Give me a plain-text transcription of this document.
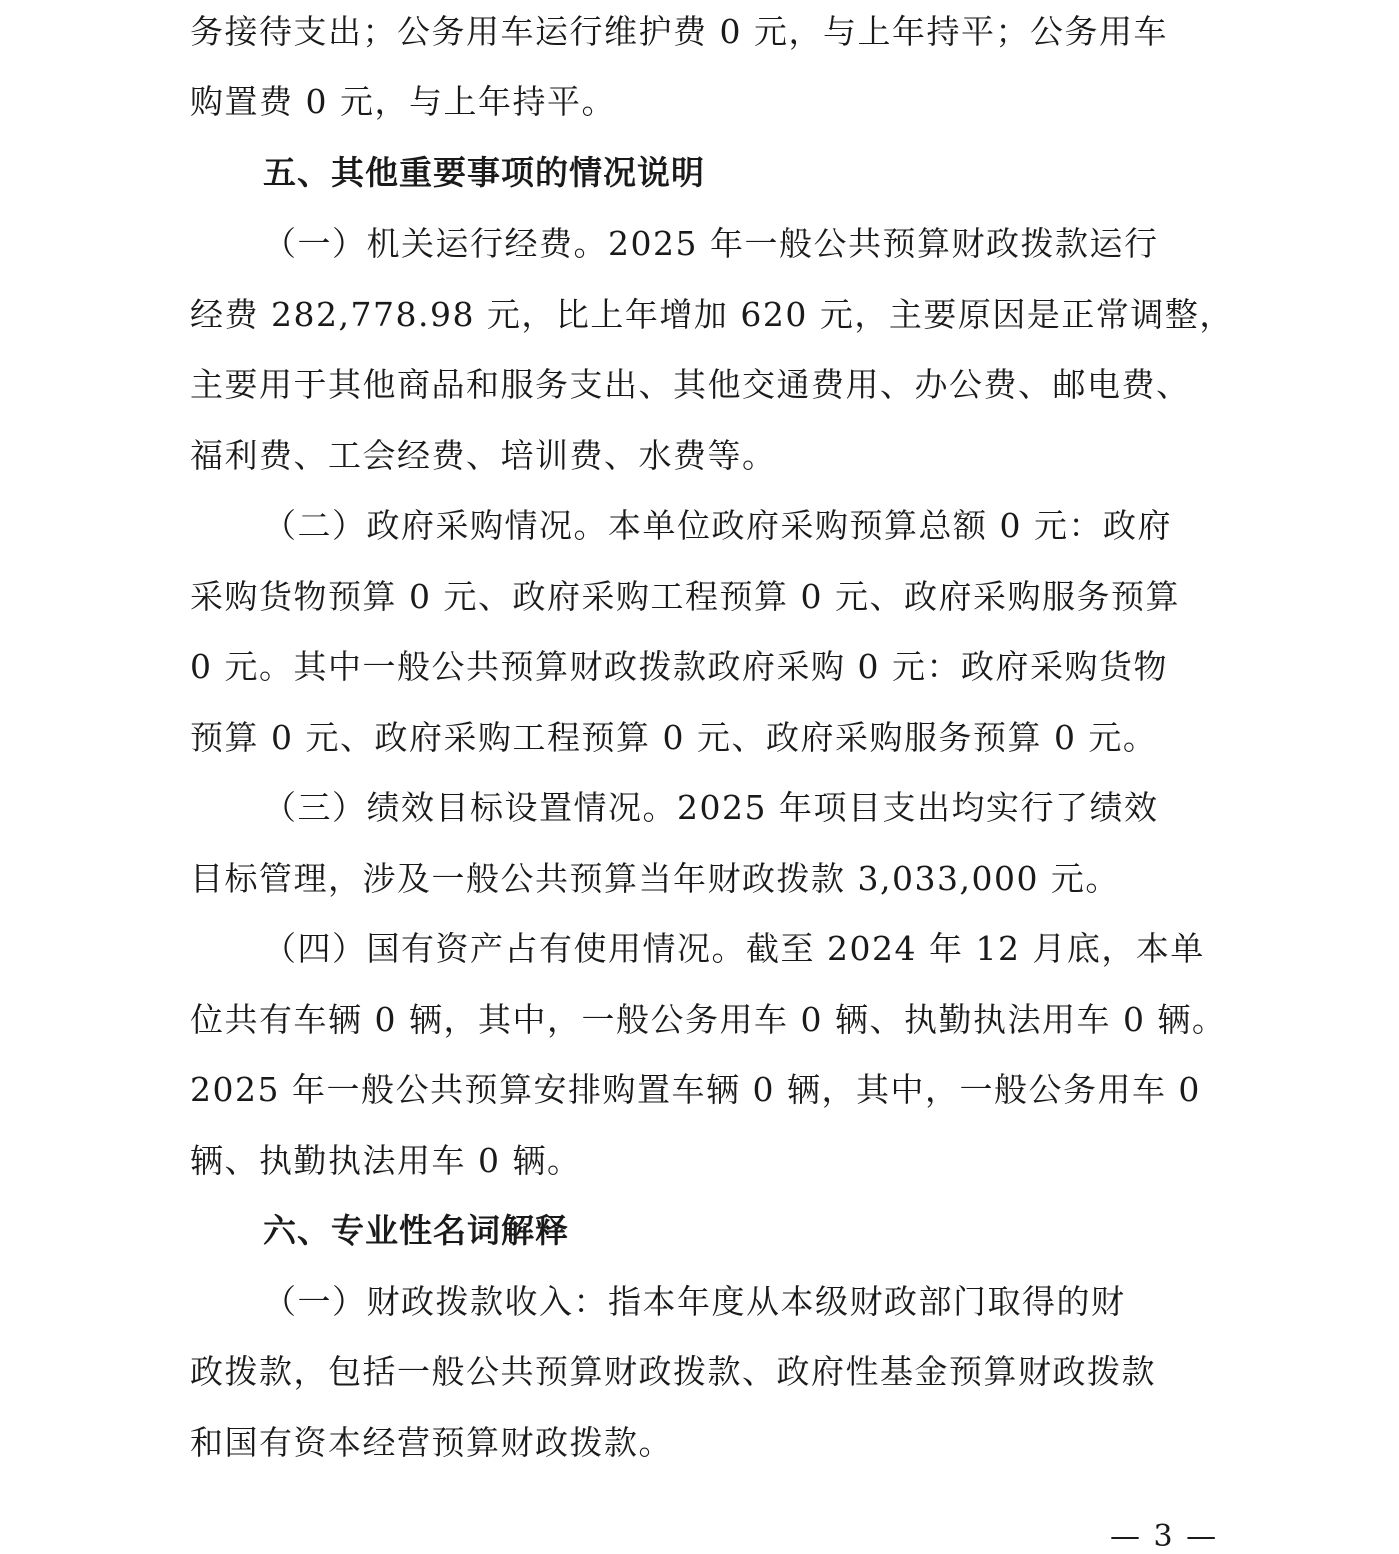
务接待支出；公务用车运行维护费 0 元，与上年持平；公务用车
购置费 0 元，与上年持平。
五、其他重要事项的情况说明
（一）机关运行经费。2025 年一般公共预算财政拨款运行
经费 282,778.98 元，比上年增加 620 元，主要原因是正常调整，
主要用于其他商品和服务支出、其他交通费用、办公费、邮电费、
福利费、工会经费、培训费、水费等。
（二）政府采购情况。本单位政府采购预算总额 0 元：政府
采购货物预算 0 元、政府采购工程预算 0 元、政府采购服务预算
0 元。其中一般公共预算财政拨款政府采购 0 元：政府采购货物
预算 0 元、政府采购工程预算 0 元、政府采购服务预算 0 元。
（三）绩效目标设置情况。2025 年项目支出均实行了绩效
目标管理，涉及一般公共预算当年财政拨款 3,033,000 元。
（四）国有资产占有使用情况。截至 2024 年 12 月底，本单
位共有车辆 0 辆，其中，一般公务用车 0 辆、执勤执法用车 0 辆。
2025 年一般公共预算安排购置车辆 0 辆，其中，一般公务用车 0
辆、执勤执法用车 0 辆。
六、专业性名词解释
（一）财政拨款收入：指本年度从本级财政部门取得的财
政拨款，包括一般公共预算财政拨款、政府性基金预算财政拨款
和国有资本经营预算财政拨款。
— 3 —
